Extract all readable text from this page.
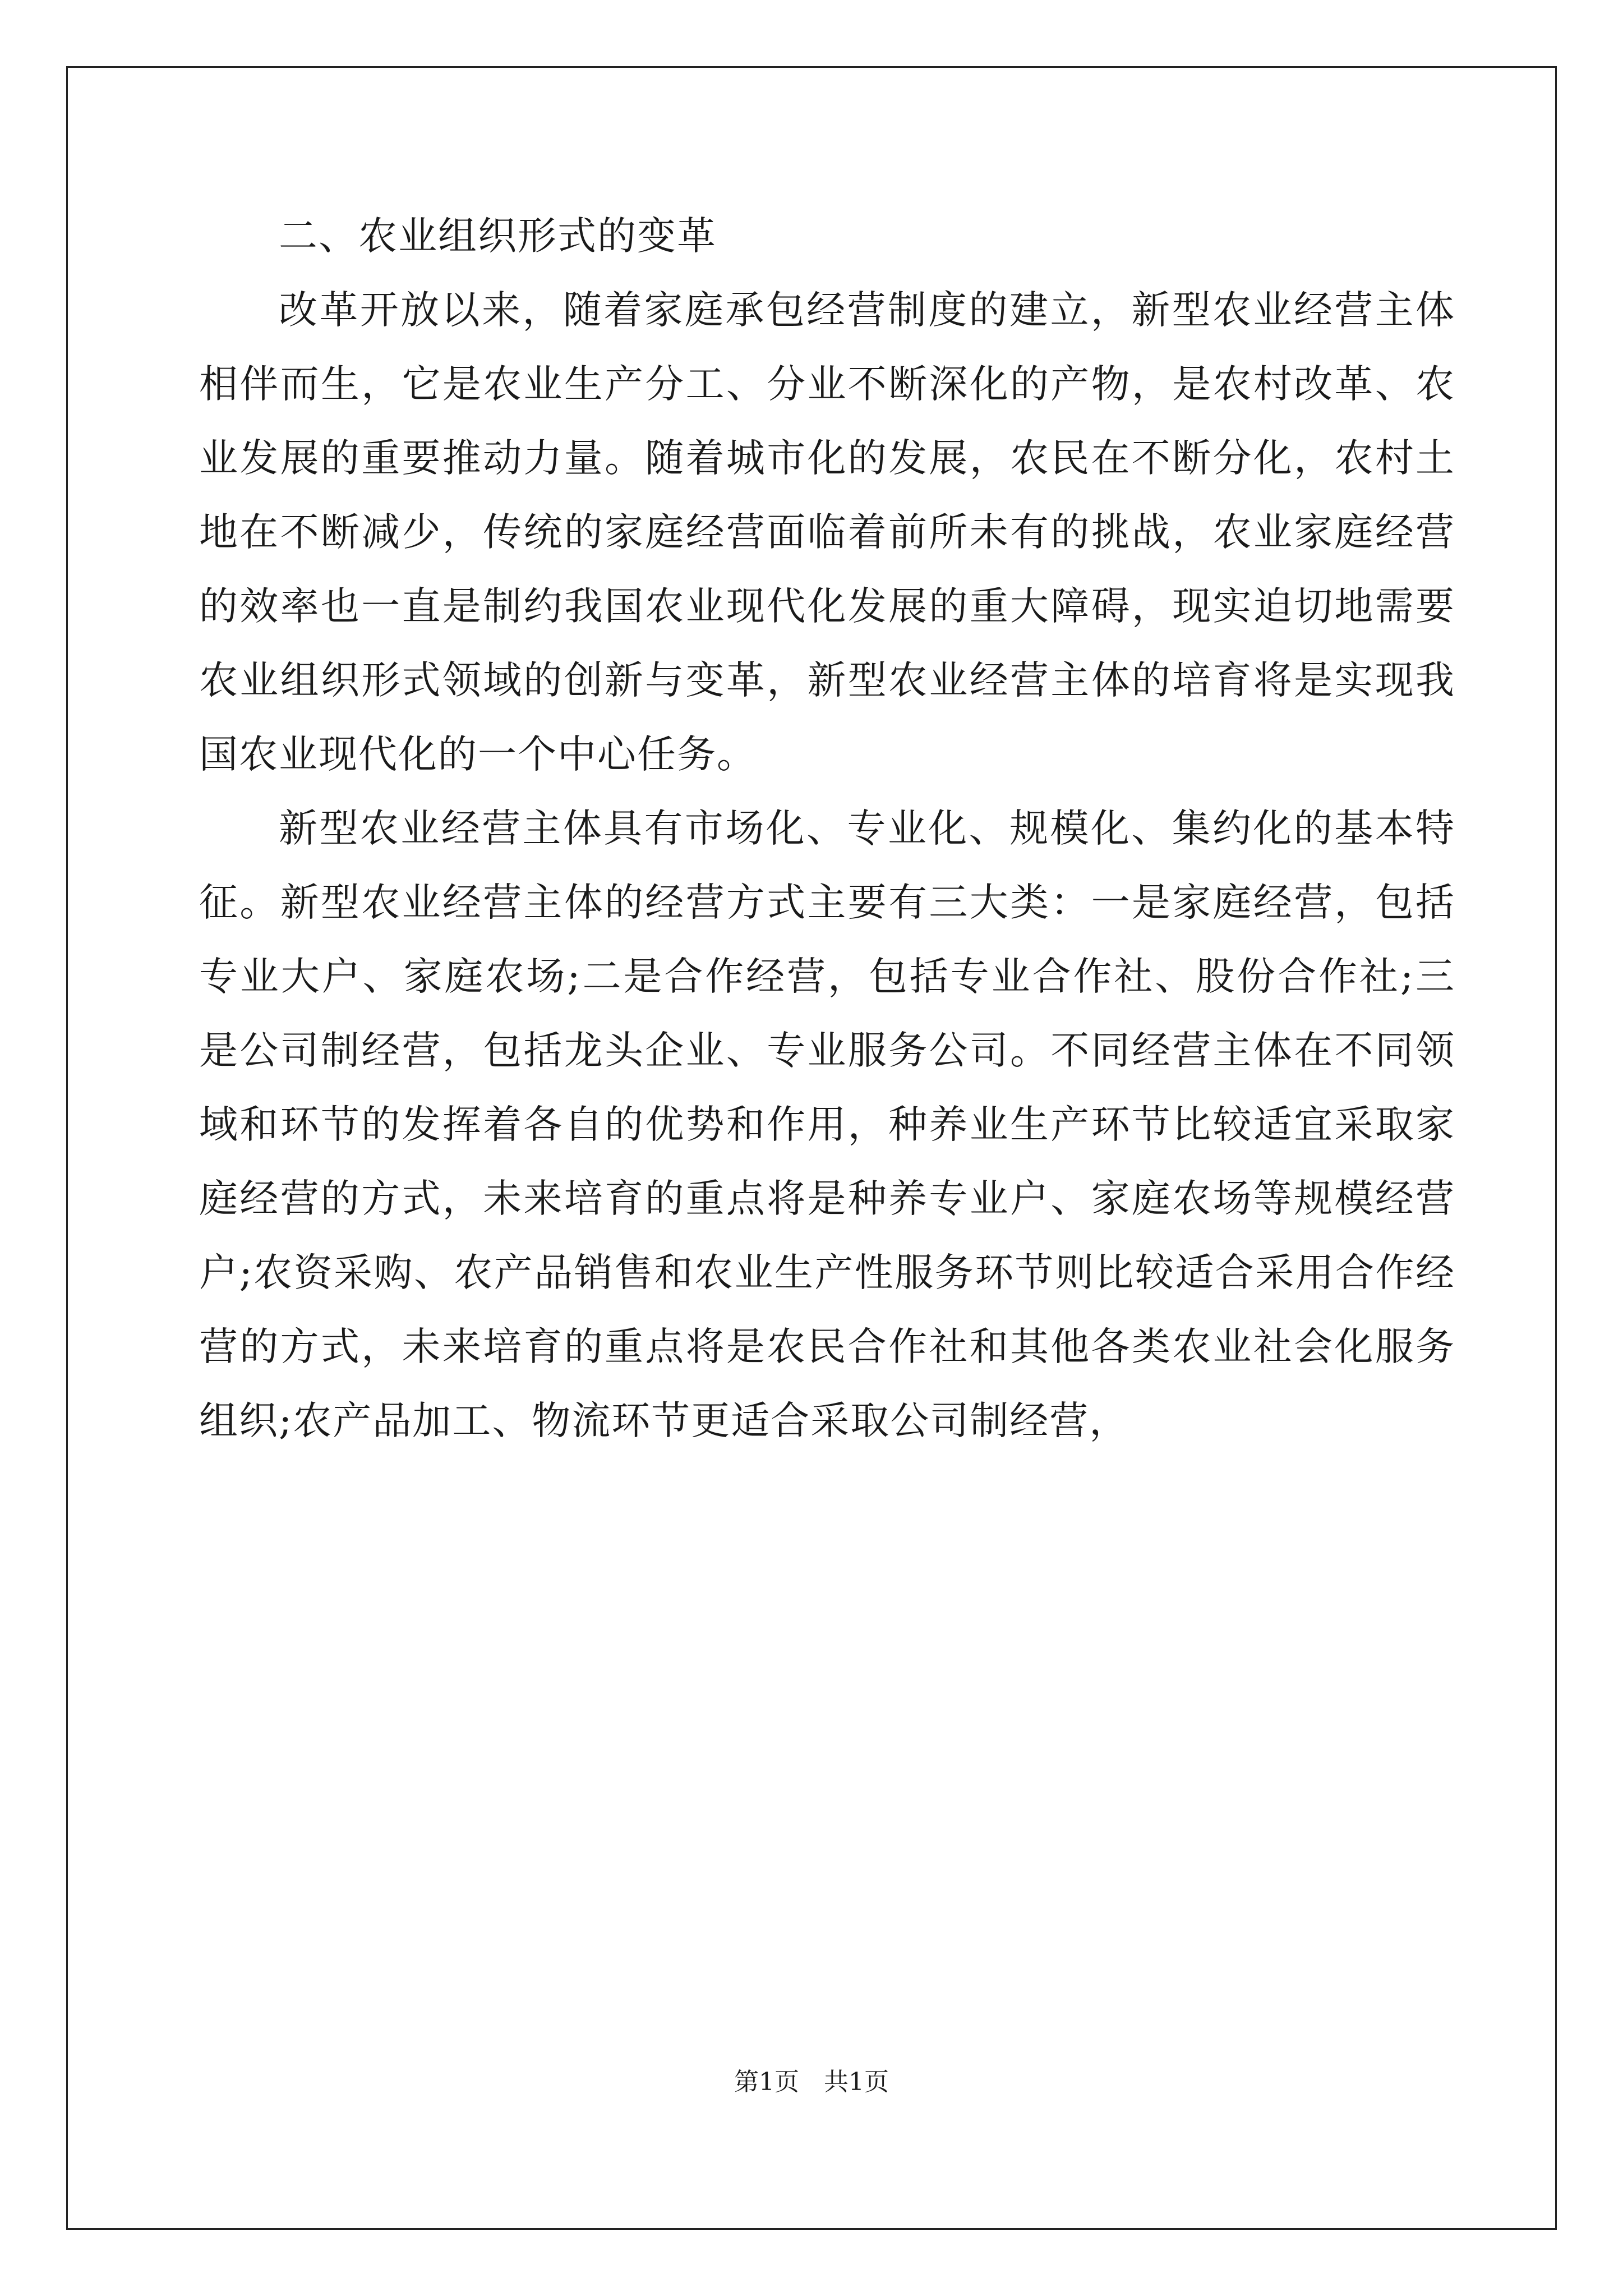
二、农业组织形式的变革

改革开放以来，随着家庭承包经营制度的建立，新型农业经营主体相伴而生，它是农业生产分工、分业不断深化的产物，是农村改革、农业发展的重要推动力量。随着城市化的发展，农民在不断分化，农村土地在不断减少，传统的家庭经营面临着前所未有的挑战，农业家庭经营的效率也一直是制约我国农业现代化发展的重大障碍，现实迫切地需要农业组织形式领域的创新与变革，新型农业经营主体的培育将是实现我国农业现代化的一个中心任务。

新型农业经营主体具有市场化、专业化、规模化、集约化的基本特征。新型农业经营主体的经营方式主要有三大类：一是家庭经营，包括专业大户、家庭农场;二是合作经营，包括专业合作社、股份合作社;三是公司制经营，包括龙头企业、专业服务公司。不同经营主体在不同领域和环节的发挥着各自的优势和作用，种养业生产环节比较适宜采取家庭经营的方式，未来培育的重点将是种养专业户、家庭农场等规模经营户;农资采购、农产品销售和农业生产性服务环节则比较适合采用合作经营的方式，未来培育的重点将是农民合作社和其他各类农业社会化服务组织;农产品加工、物流环节更适合采取公司制经营，

第1页　共1页
